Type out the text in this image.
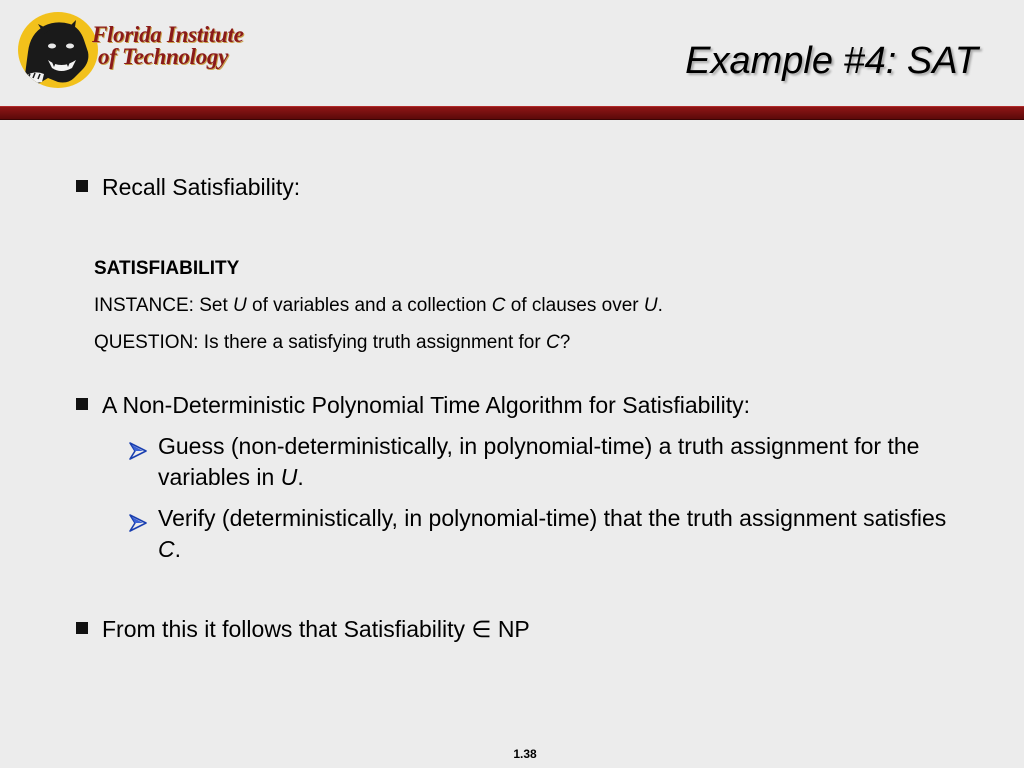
Florida Institute
of Technology	Example #4: SAT
Recall Satisfiability:
SATISFIABILITY
INSTANCE: Set U of variables and a collection C of clauses over U.
QUESTION: Is there a satisfying truth assignment for C?
A Non-Deterministic Polynomial Time Algorithm for Satisfiability:
Guess (non-deterministically, in polynomial-time) a truth assignment for the variables in U.
Verify (deterministically, in polynomial-time) that the truth assignment satisfies C.
From this it follows that Satisfiability ∈ NP
1.38
